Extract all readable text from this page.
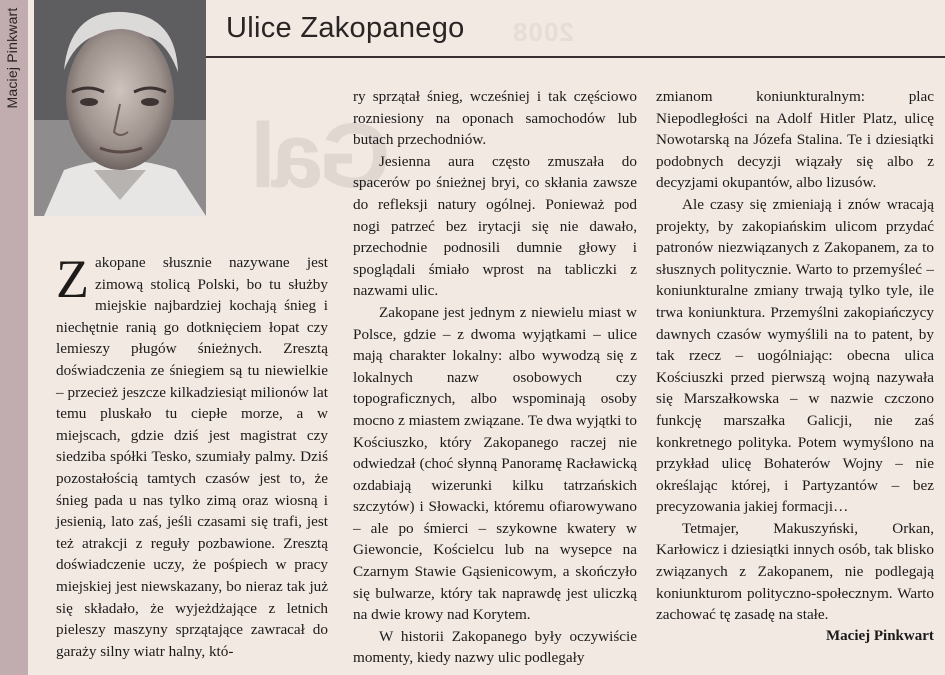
Maciej Pinkwart
Gal
2008
Ulice Zakopanego

Zakopane słusznie nazywane jest zimową stolicą Polski, bo tu służby miejskie najbardziej kochają śnieg i niechętnie ranią go dotknięciem łopat czy lemieszy pługów śnieżnych. Zresztą doświadczenia ze śniegiem są tu niewielkie – przecież jeszcze kilkadziesiąt milionów lat temu pluskało tu ciepłe morze, a w miejscach, gdzie dziś jest magistrat czy siedziba spółki Tesko, szumiały palmy. Dziś pozostałością tamtych czasów jest to, że śnieg pada u nas tylko zimą oraz wiosną i jesienią, lato zaś, jeśli czasami się trafi, jest też atrakcji z reguły pozbawione. Zresztą doświadczenie uczy, że pośpiech w pracy miejskiej jest niewskazany, bo nieraz tak już się składało, że wyjeżdżające z letnich pieleszy maszyny sprzątające zawracał do garaży silny wiatr halny, któ-

ry sprzątał śnieg, wcześniej i tak częściowo rozniesiony na oponach samochodów lub butach przechodniów.

Jesienna aura często zmuszała do spacerów po śnieżnej bryi, co skłania zawsze do refleksji natury ogólnej. Ponieważ pod nogi patrzeć bez irytacji się nie dawało, przechodnie podnosili dumnie głowy i spoglądali śmiało wprost na tabliczki z nazwami ulic.

Zakopane jest jednym z niewielu miast w Polsce, gdzie – z dwoma wyjątkami – ulice mają charakter lokalny: albo wywodzą się z lokalnych nazw osobowych czy topograficznych, albo wspominają osoby mocno z miastem związane. Te dwa wyjątki to Kościuszko, który Zakopanego raczej nie odwiedzał (choć słynną Panoramę Racławicką ozdabiają wizerunki kilku tatrzańskich szczytów) i Słowacki, któremu ofiarowywano – ale po śmierci – szykowne kwatery w Giewoncie, Kościelcu lub na wysepce na Czarnym Stawie Gąsienicowym, a skończyło się bulwarze, który tak naprawdę jest uliczką na dwie krowy nad Korytem.

W historii Zakopanego były oczywiście momenty, kiedy nazwy ulic podlegały

zmianom koniunkturalnym: plac Niepodległości na Adolf Hitler Platz, ulicę Nowotarską na Józefa Stalina. Te i dziesiątki podobnych decyzji wiązały się albo z decyzjami okupantów, albo lizusów.

Ale czasy się zmieniają i znów wracają projekty, by zakopiańskim ulicom przydać patronów niezwiązanych z Zakopanem, za to słusznych politycznie. Warto to przemyśleć – koniunkturalne zmiany trwają tylko tyle, ile trwa koniunktura. Przemyślni zakopiańczycy dawnych czasów wymyślili na to patent, by tak rzecz – uogólniając: obecna ulica Kościuszki przed pierwszą wojną nazywała się Marszałkowska – w nazwie czczono funkcję marszałka Galicji, nie zaś konkretnego polityka. Potem wymyślono na przykład ulicę Bohaterów Wojny – nie określając której, i Partyzantów – bez precyzowania jakiej formacji…

Tetmajer, Makuszyński, Orkan, Karłowicz i dziesiątki innych osób, tak blisko związanych z Zakopanem, nie podlegają koniunkturom polityczno-społecznym. Warto zachować tę zasadę na stałe.

Maciej Pinkwart
